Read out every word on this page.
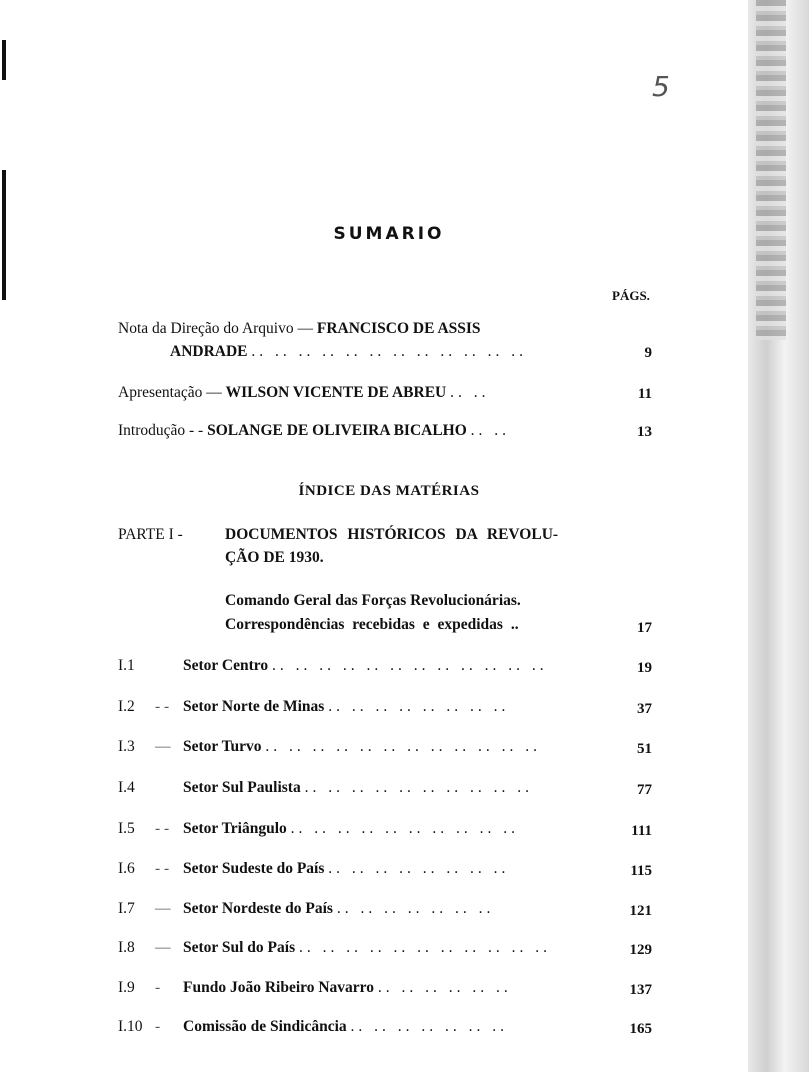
5
SUMARIO
PÁGS.
Nota da Direção do Arquivo — FRANCISCO DE ASSIS
ANDRADE .. .. .. .. .. .. .. .. .. .. .. ..	9
Apresentação — WILSON VICENTE DE ABREU .. ..	11
Introdução - - SOLANGE DE OLIVEIRA BICALHO .. ..	13
ÍNDICE DAS MATÉRIAS
PARTE I -	DOCUMENTOS HISTÓRICOS DA REVOLU-
ÇÃO DE 1930.
Comando Geral das Forças Revolucionárias.
Correspondências recebidas e expedidas ..	17
I.1	Setor Centro .. .. .. .. .. .. .. .. .. .. .. ..	19
I.2 - - Setor Norte de Minas .. .. .. .. .. .. .. ..	37
I.3 — Setor Turvo .. .. .. .. .. .. .. .. .. .. .. ..	51
I.4	Setor Sul Paulista .. .. .. .. .. .. .. .. .. ..	77
I.5 - - Setor Triângulo .. .. .. .. .. .. .. .. .. ..	111
I.6 - - Setor Sudeste do País .. .. .. .. .. .. .. ..	115
I.7 — Setor Nordeste do País .. .. .. .. .. .. ..	121
I.8 — Setor Sul do País .. .. .. .. .. .. .. .. .. .. ..	129
I.9 - Fundo João Ribeiro Navarro .. .. .. .. .. ..	137
I.10 - Comissão de Sindicância .. .. .. .. .. .. ..	165
